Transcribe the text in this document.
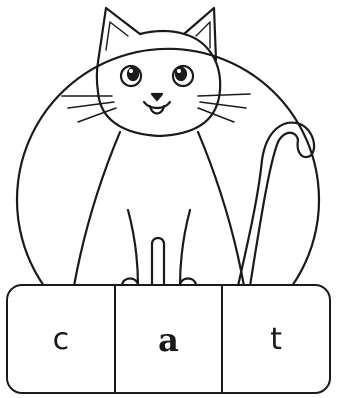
c	a	t
